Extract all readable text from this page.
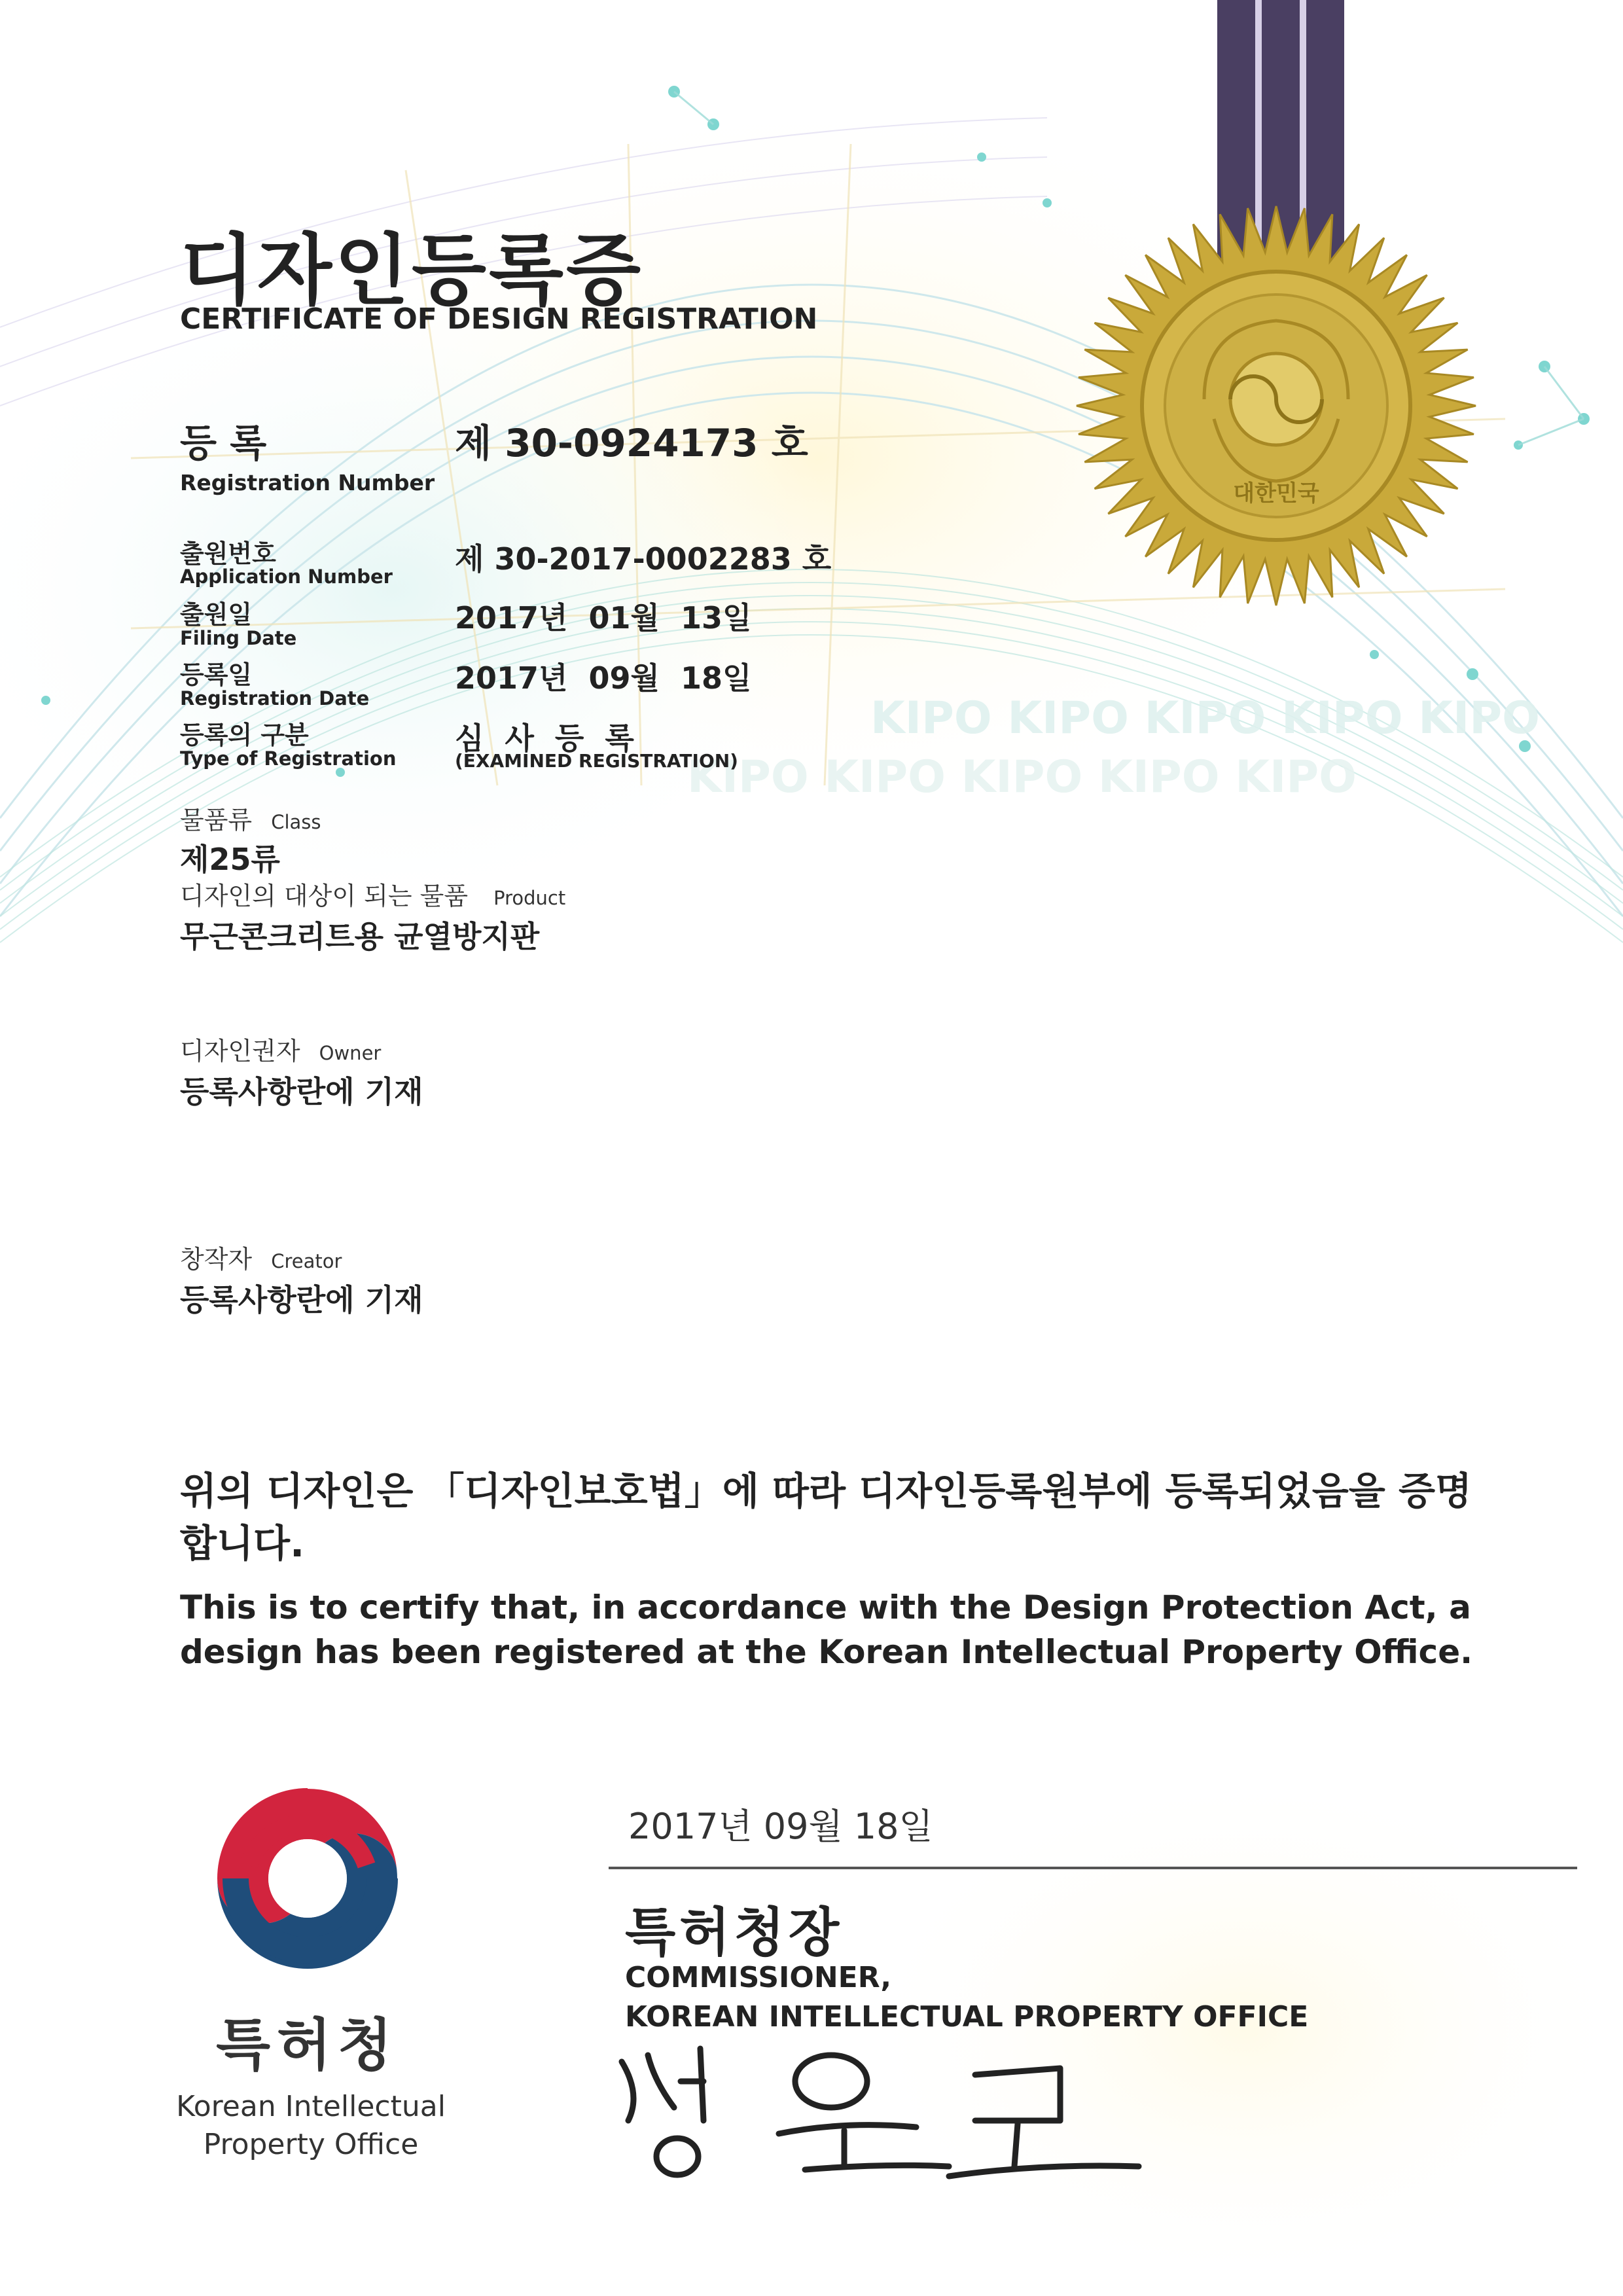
KIPO KIPO KIPO KIPO KIPO
KIPO KIPO KIPO KIPO KIPO
대한민국
디자인등록증
CERTIFICATE OF DESIGN REGISTRATION
등 록
Registration Number
제 30-0924173 호
출원번호
Application Number 제 30-2017-0002283 호
출원일
Filing Date
2017년  01월  13일
등록일
Registration Date
2017년  09월  18일
등록의 구분
Type of Registration
심  사  등  록
(EXAMINED REGISTRATION)
물품류 Class
제25류
디자인의 대상이 되는 물품 Product
무근콘크리트용 균열방지판
디자인권자 Owner
등록사항란에 기재
창작자 Creator
등록사항란에 기재
위의 디자인은 「디자인보호법」에 따라 디자인등록원부에 등록되었음을 증명합니다.
This is to certify that, in accordance with the Design Protection Act, a design has been registered at the Korean Intellectual Property Office.
특허청
Korean Intellectual Property Office
2017년 09월 18일
특허청장
COMMISSIONER,
KOREAN INTELLECTUAL PROPERTY OFFICE
